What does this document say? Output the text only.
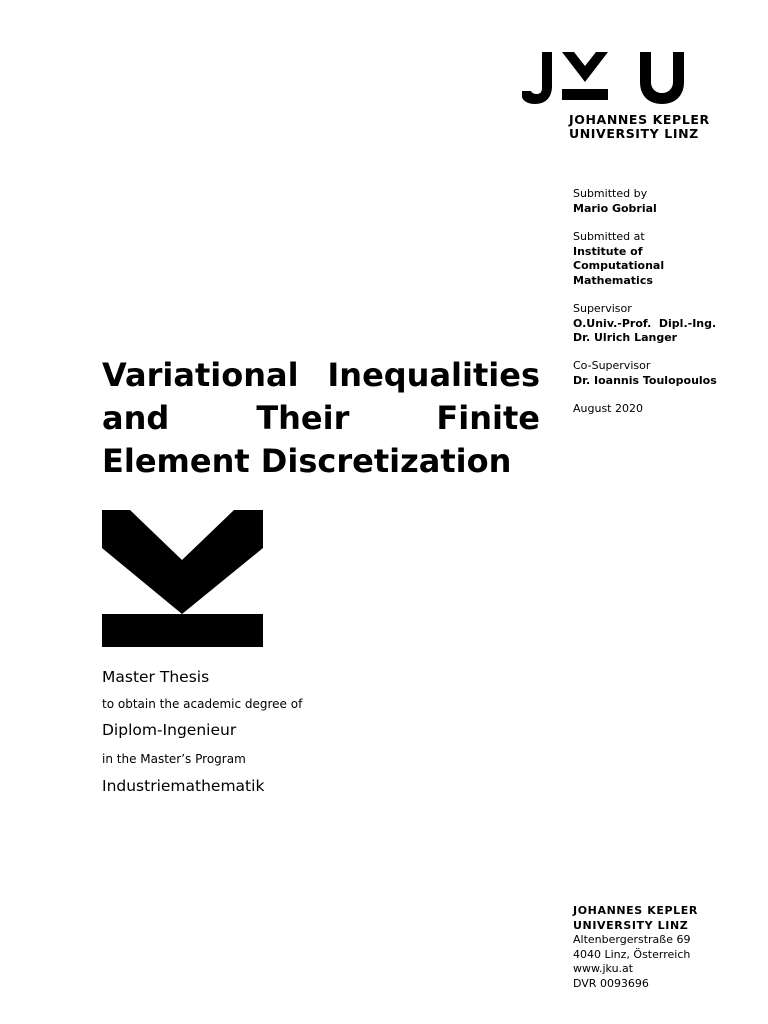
JOHANNES KEPLER
UNIVERSITY LINZ
Submitted by
Mario Gobrial
Submitted at
Institute of
Computational
Mathematics
Supervisor
O.Univ.-Prof.  Dipl.-Ing.
Dr. Ulrich Langer
Co-Supervisor
Dr. Ioannis Toulopoulos
August 2020
Variational Inequalities and Their Finite Element Discretization
Master Thesis
to obtain the academic degree of
Diplom-Ingenieur
in the Master’s Program
Industriemathematik
JOHANNES KEPLER
UNIVERSITY LINZ
Altenbergerstraße 69
4040 Linz, Österreich
www.jku.at
DVR 0093696
